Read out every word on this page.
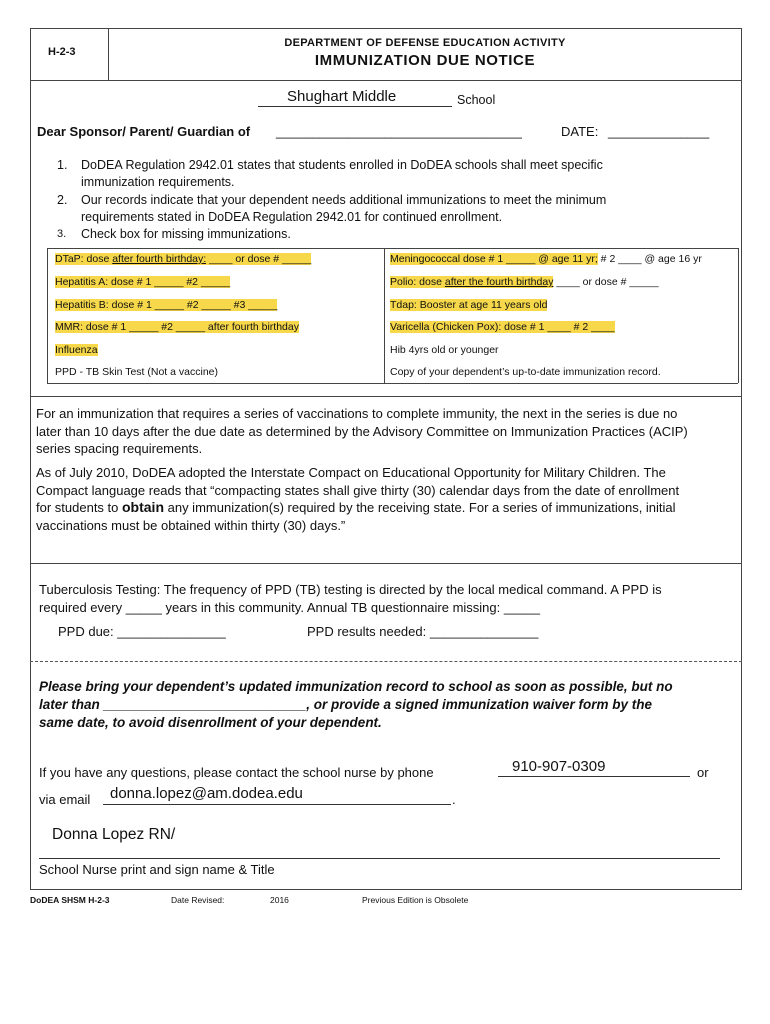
H-2-3
DEPARTMENT OF DEFENSE EDUCATION ACTIVITY
IMMUNIZATION DUE NOTICE
Shughart Middle	School
Dear Sponsor/ Parent/ Guardian of __________________________________	DATE: ______________
1.	DoDEA Regulation 2942.01 states that students enrolled in DoDEA schools shall meet specific
immunization requirements.
2.	Our records indicate that your dependent needs additional immunizations to meet the minimum
requirements stated in DoDEA Regulation 2942.01 for continued enrollment.
3.	Check box for missing immunizations.
DTaP: dose after fourth birthday: ____ or dose # _____
Hepatitis A: dose # 1 _____ #2 _____
Hepatitis B: dose # 1 _____ #2 _____ #3 _____
MMR: dose # 1 _____ #2 _____ after fourth birthday
Influenza
PPD - TB Skin Test (Not a vaccine)
Meningococcal dose # 1 _____ @ age 11 yr; # 2 ____ @ age 16 yr
Polio: dose after the fourth birthday ____ or dose # _____
Tdap: Booster at age 11 years old
Varicella (Chicken Pox): dose # 1 ____ # 2 ____
Hib 4yrs old or younger
Copy of your dependent’s up-to-date immunization record.
For an immunization that requires a series of vaccinations to complete immunity, the next in the series is due no
later than 10 days after the due date as determined by the Advisory Committee on Immunization Practices (ACIP)
series spacing requirements.
As of July 2010, DoDEA adopted the Interstate Compact on Educational Opportunity for Military Children. The
Compact language reads that “compacting states shall give thirty (30) calendar days from the date of enrollment
for students to obtain any immunization(s) required by the receiving state. For a series of immunizations, initial
vaccinations must be obtained within thirty (30) days.”
Tuberculosis Testing: The frequency of PPD (TB) testing is directed by the local medical command. A PPD is
required every _____ years in this community. Annual TB questionnaire missing: _____
PPD due: _______________	PPD results needed: _______________
Please bring your dependent’s updated immunization record to school as soon as possible, but no
later than ___________________________, or provide a signed immunization waiver form by the
same date, to avoid disenrollment of your dependent.
If you have any questions, please contact the school nurse by phone	910-907-0309	or
via email donna.lopez@am.dodea.edu	.
Donna Lopez RN/
School Nurse print and sign name & Title
DoDEA SHSM H-2-3	Date Revised:	2016	Previous Edition is Obsolete
